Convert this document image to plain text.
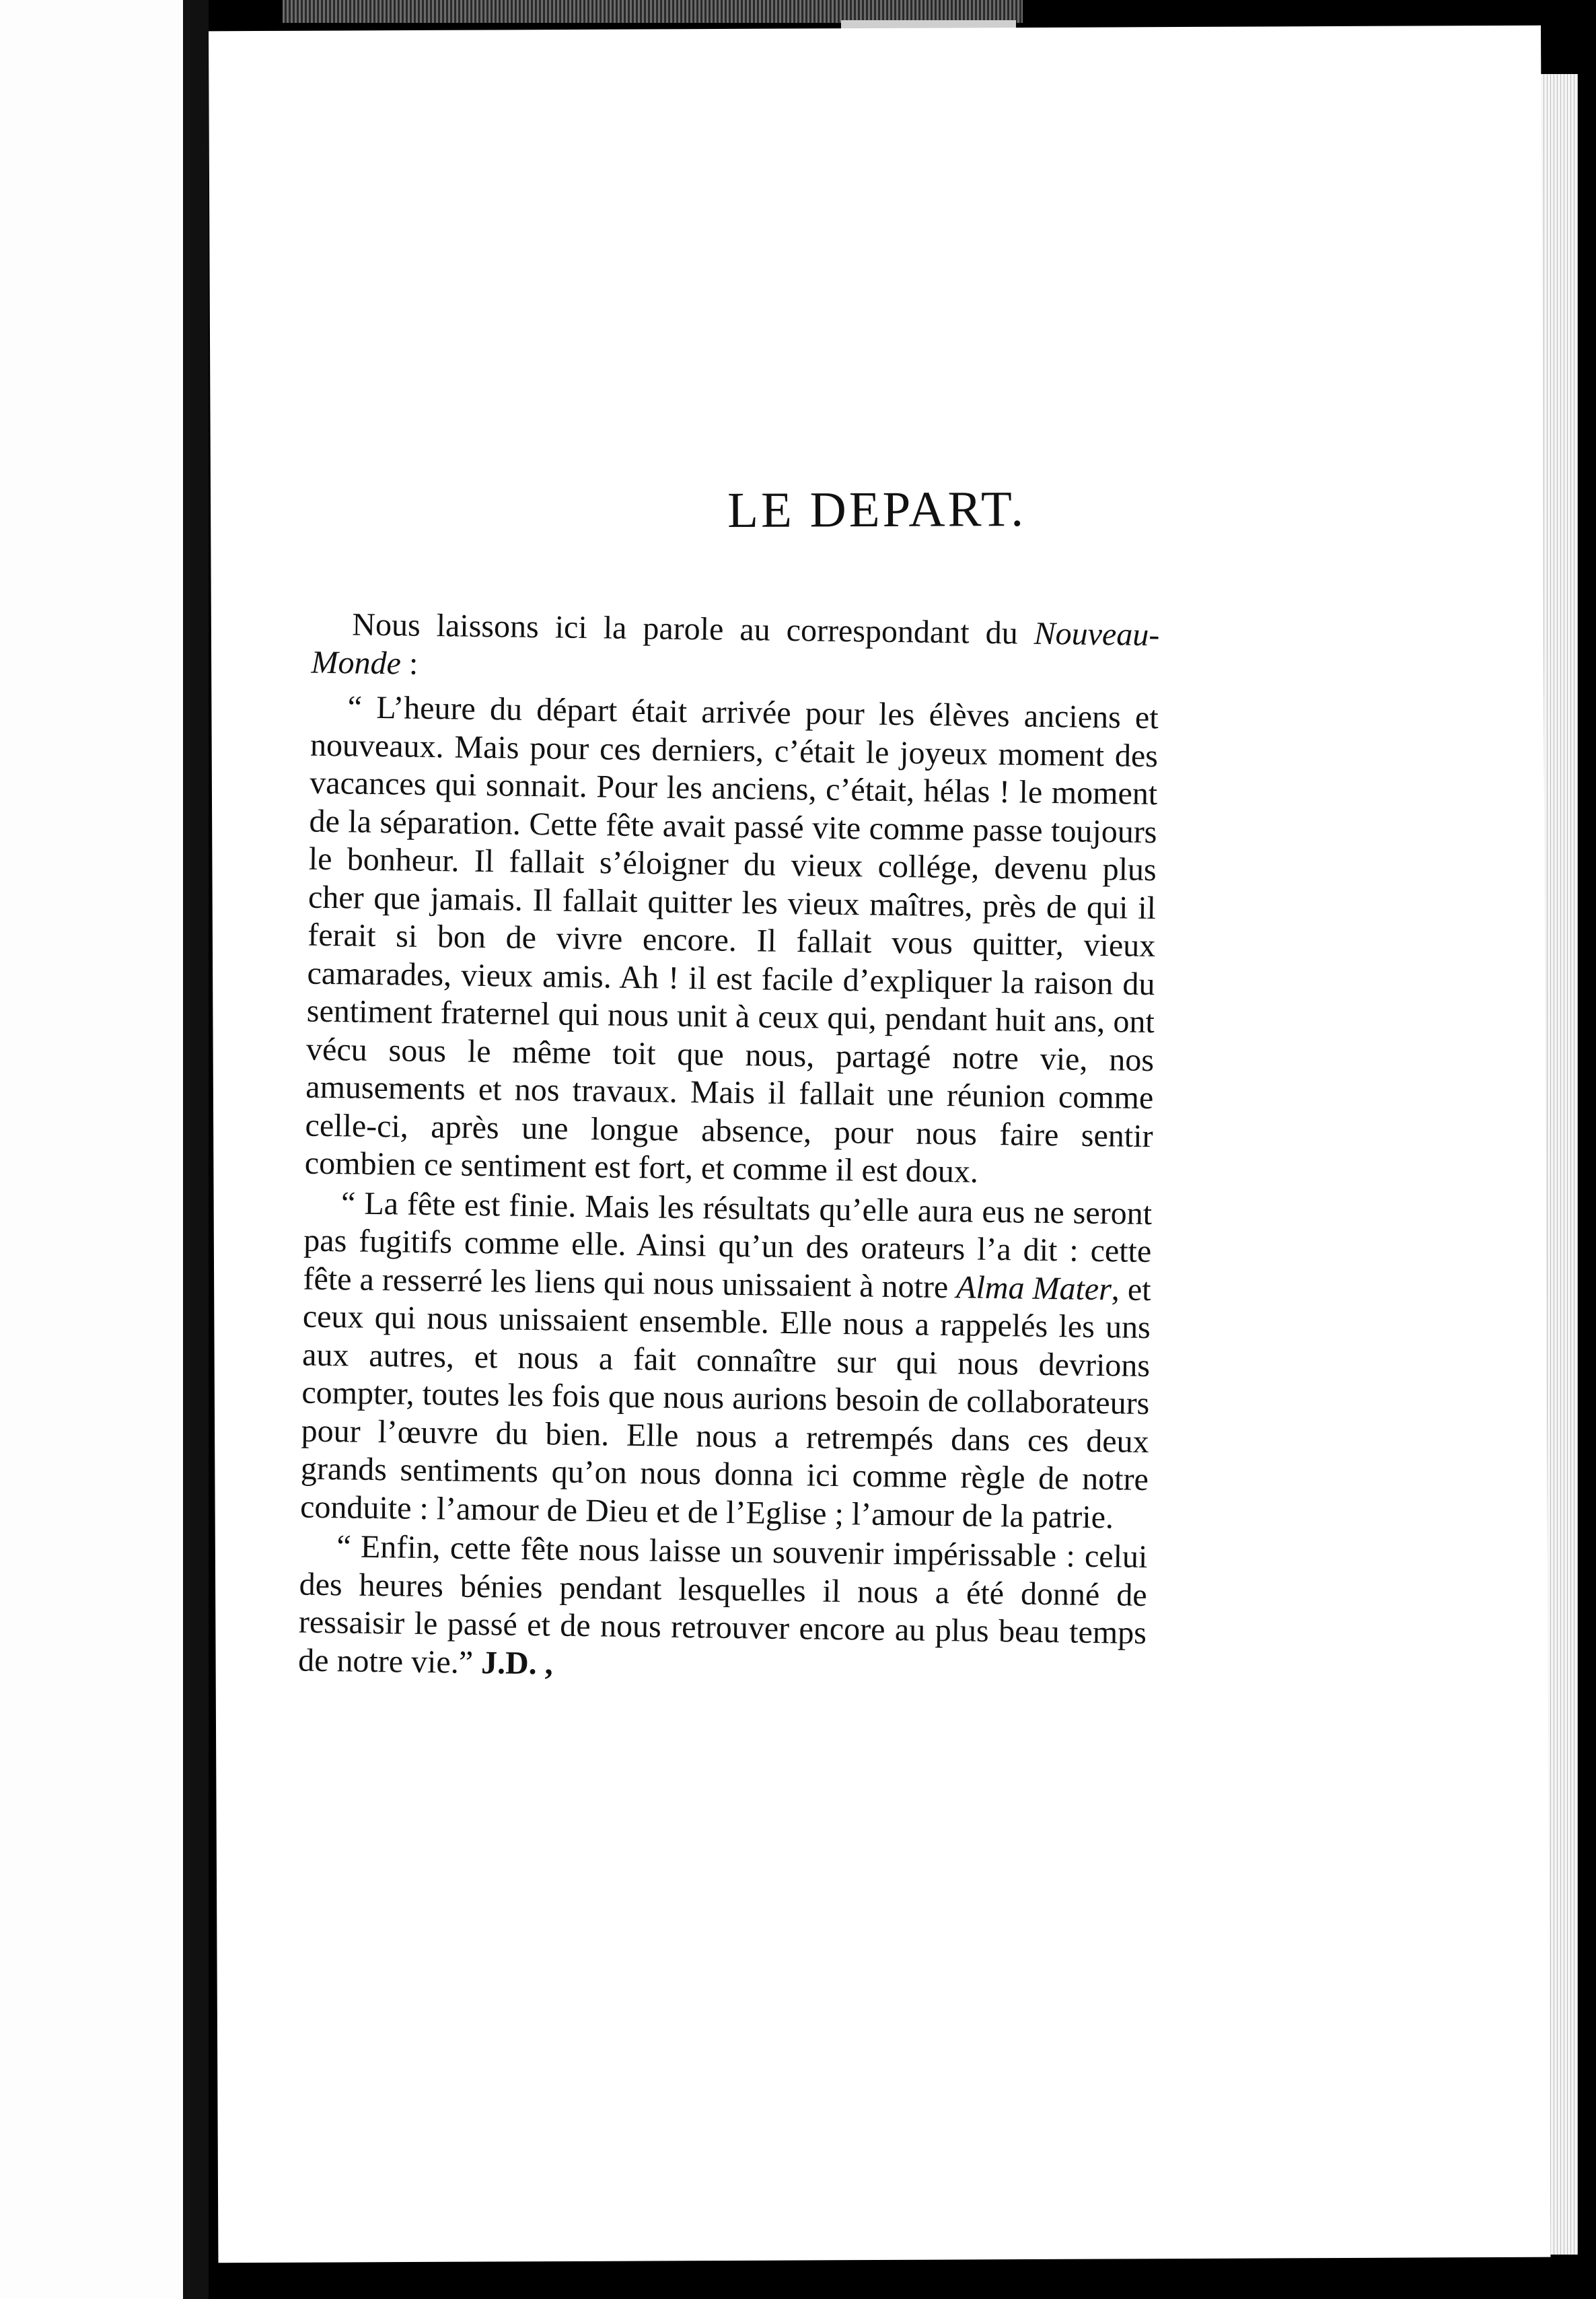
LE DEPART.

Nous laissons ici la parole au correspondant du Nouveau-Monde :

“ L’heure du départ était arrivée pour les élèves anciens et nouveaux. Mais pour ces derniers, c’était le joyeux moment des vacances qui sonnait. Pour les anciens, c’était, hélas ! le moment de la séparation. Cette fête avait passé vite comme passe toujours le bonheur. Il fallait s’éloigner du vieux collége, devenu plus cher que jamais. Il fallait quitter les vieux maîtres, près de qui il ferait si bon de vivre encore. Il fallait vous quitter, vieux camarades, vieux amis. Ah ! il est facile d’expliquer la raison du sentiment fraternel qui nous unit à ceux qui, pendant huit ans, ont vécu sous le même toit que nous, partagé notre vie, nos amusements et nos travaux. Mais il fallait une réunion comme celle-ci, après une longue absence, pour nous faire sentir combien ce sentiment est fort, et comme il est doux.

“ La fête est finie. Mais les résultats qu’elle aura eus ne seront pas fugitifs comme elle. Ainsi qu’un des orateurs l’a dit : cette fête a resserré les liens qui nous unissaient à notre Alma Mater, et ceux qui nous unissaient ensemble. Elle nous a rappelés les uns aux autres, et nous a fait connaître sur qui nous devrions compter, toutes les fois que nous aurions besoin de collaborateurs pour l’œuvre du bien. Elle nous a retrempés dans ces deux grands sentiments qu’on nous donna ici comme règle de notre conduite : l’amour de Dieu et de l’Eglise ; l’amour de la patrie.

“ Enfin, cette fête nous laisse un souvenir impérissable : celui des heures bénies pendant lesquelles il nous a été donné de ressaisir le passé et de nous retrouver encore au plus beau temps de notre vie.” J.D. ,
